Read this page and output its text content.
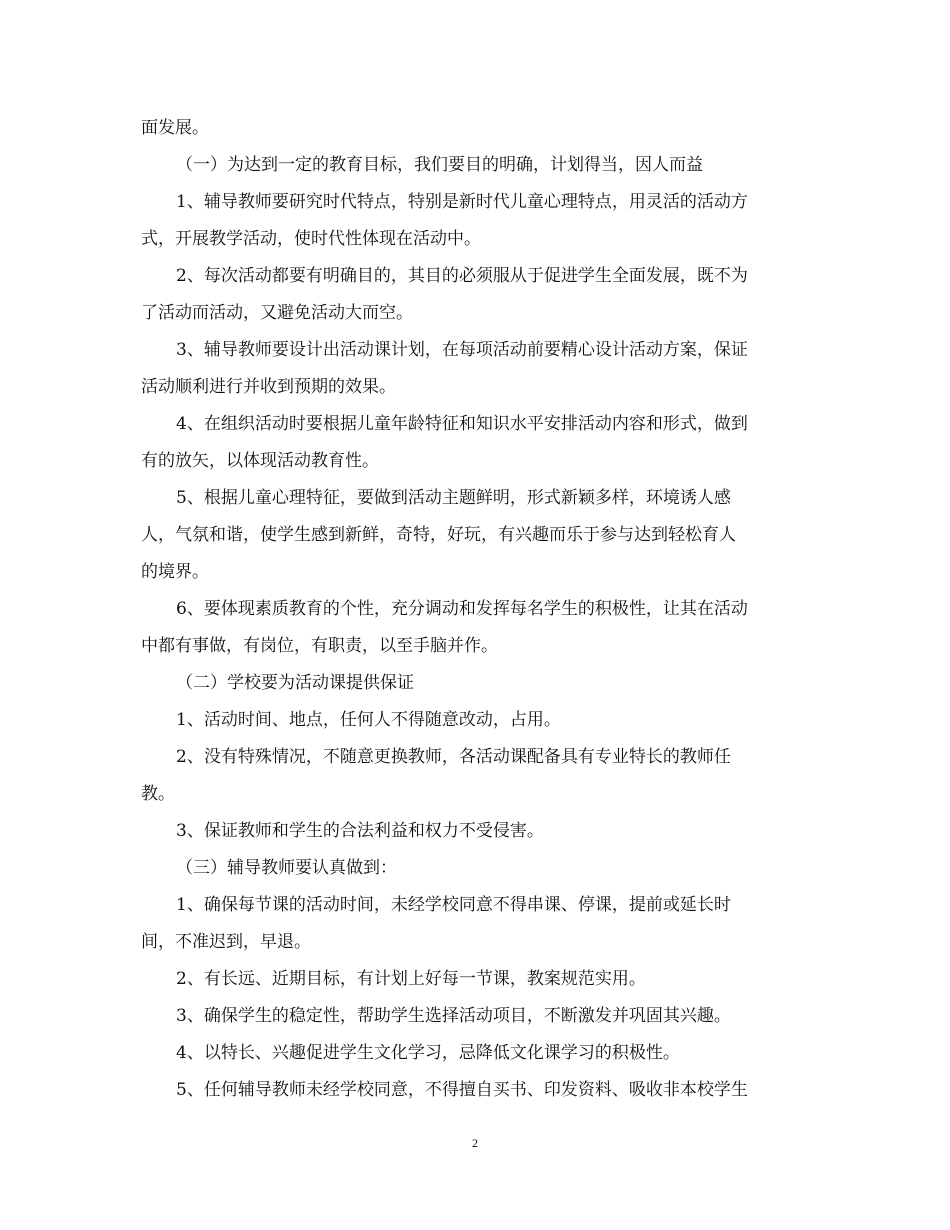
面发展。
（一）为达到一定的教育目标，我们要目的明确，计划得当，因人而益
1、辅导教师要研究时代特点，特别是新时代儿童心理特点，用灵活的活动方
式，开展教学活动，使时代性体现在活动中。
2、每次活动都要有明确目的，其目的必须服从于促进学生全面发展，既不为
了活动而活动，又避免活动大而空。
3、辅导教师要设计出活动课计划，在每项活动前要精心设计活动方案，保证
活动顺利进行并收到预期的效果。
4、在组织活动时要根据儿童年龄特征和知识水平安排活动内容和形式，做到
有的放矢，以体现活动教育性。
5、根据儿童心理特征，要做到活动主题鲜明，形式新颖多样，环境诱人感
人，气氛和谐，使学生感到新鲜，奇特，好玩，有兴趣而乐于参与达到轻松育人
的境界。
6、要体现素质教育的个性，充分调动和发挥每名学生的积极性，让其在活动
中都有事做，有岗位，有职责，以至手脑并作。
（二）学校要为活动课提供保证
1、活动时间、地点，任何人不得随意改动，占用。
2、没有特殊情况，不随意更换教师，各活动课配备具有专业特长的教师任
教。
3、保证教师和学生的合法利益和权力不受侵害。
（三）辅导教师要认真做到：
1、确保每节课的活动时间，未经学校同意不得串课、停课，提前或延长时
间，不准迟到，早退。
2、有长远、近期目标，有计划上好每一节课，教案规范实用。
3、确保学生的稳定性，帮助学生选择活动项目，不断激发并巩固其兴趣。
4、以特长、兴趣促进学生文化学习，忌降低文化课学习的积极性。
5、任何辅导教师未经学校同意，不得擅自买书、印发资料、吸收非本校学生
2
